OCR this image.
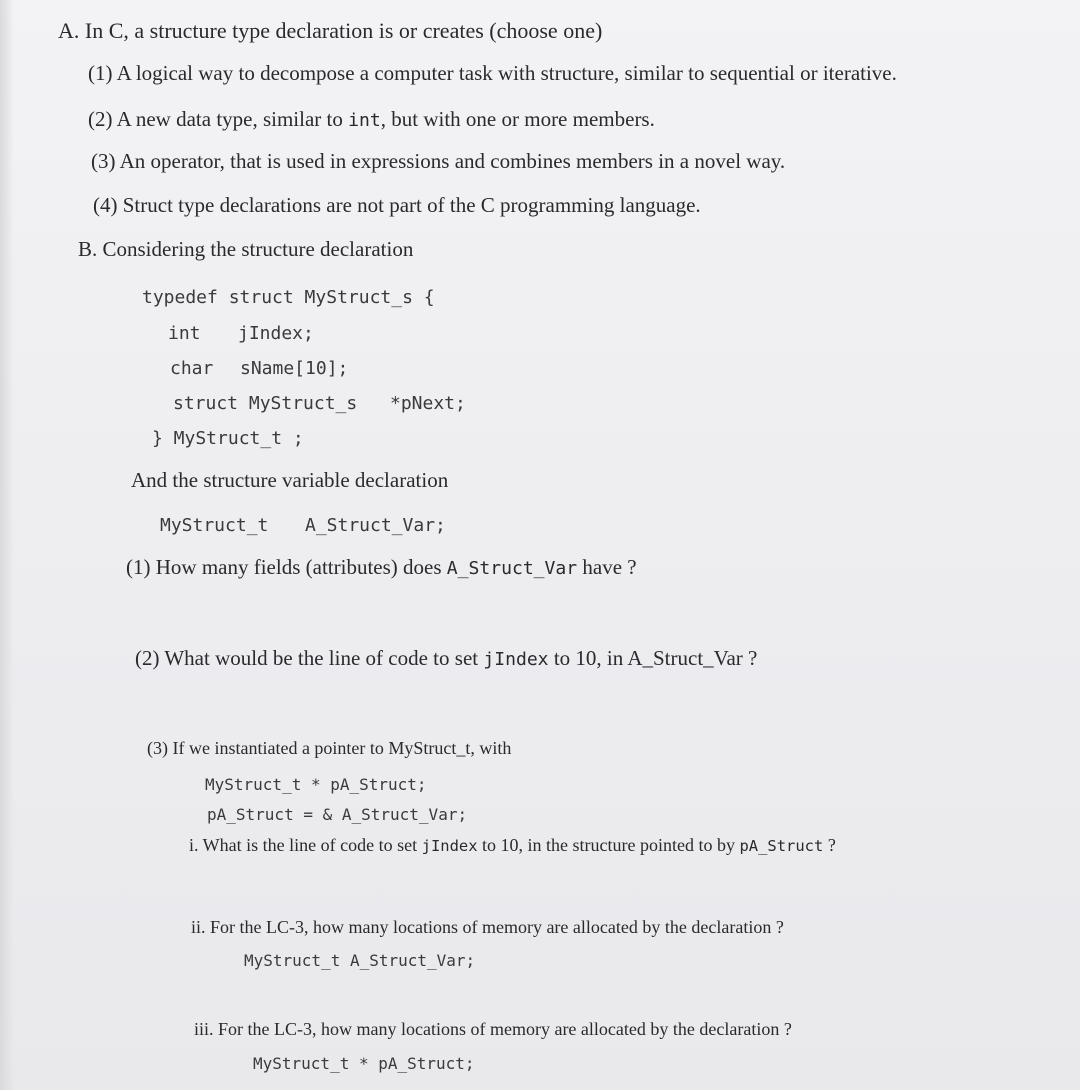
A. In C, a structure type declaration is or creates (choose one)
(1) A logical way to decompose a computer task with structure, similar to sequential or iterative.
(2) A new data type, similar to int, but with one or more members.
(3) An operator, that is used in expressions and combines members in a novel way.
(4) Struct type declarations are not part of the C programming language.
B. Considering the structure declaration
typedef struct MyStruct_s {
int jIndex;
char sName[10];
struct MyStruct_s *pNext;
} MyStruct_t ;
And the structure variable declaration
MyStruct_t A_Struct_Var;
(1) How many fields (attributes) does A_Struct_Var have ?
(2) What would be the line of code to set jIndex to 10, in A_Struct_Var ?
(3) If we instantiated a pointer to MyStruct_t, with
MyStruct_t * pA_Struct;
pA_Struct = & A_Struct_Var;
i. What is the line of code to set jIndex to 10, in the structure pointed to by pA_Struct ?
ii. For the LC-3, how many locations of memory are allocated by the declaration ?
MyStruct_t A_Struct_Var;
iii. For the LC-3, how many locations of memory are allocated by the declaration ?
MyStruct_t * pA_Struct;
